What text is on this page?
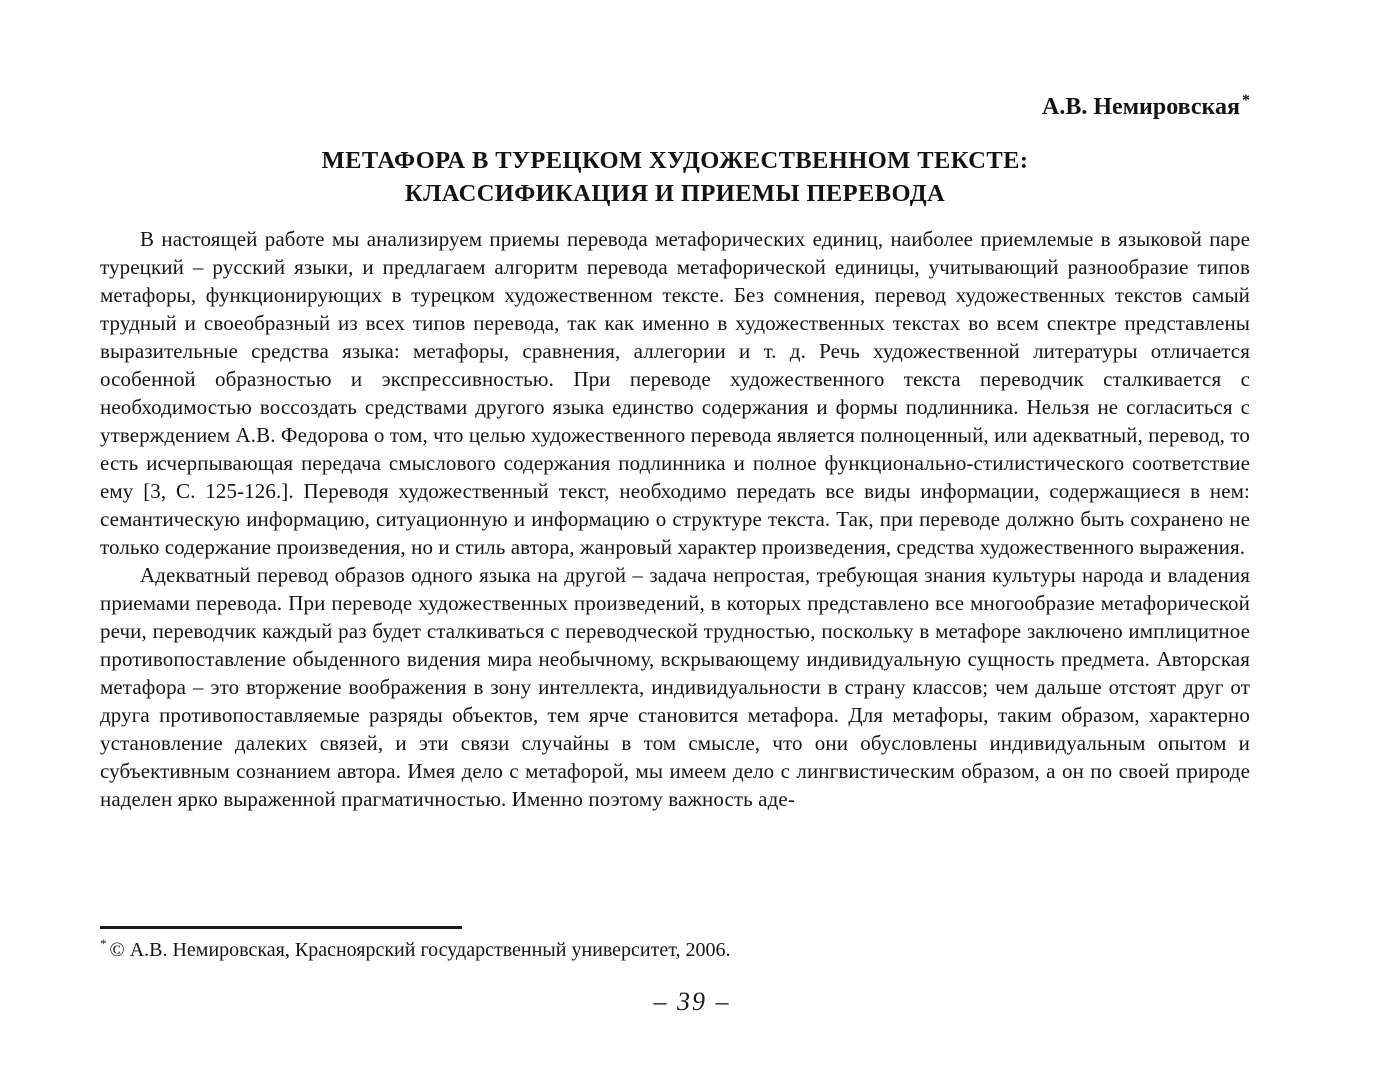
А.В. Немировская *
МЕТАФОРА В ТУРЕЦКОМ ХУДОЖЕСТВЕННОМ ТЕКСТЕ:
КЛАССИФИКАЦИЯ И ПРИЕМЫ ПЕРЕВОДА

В настоящей работе мы анализируем приемы перевода метафорических единиц, наиболее приемлемые в языковой паре турецкий – русский языки, и предлагаем алгоритм перевода метафорической единицы, учитывающий разнообразие типов метафоры, функционирующих в турецком художественном тексте. Без сомнения, перевод художественных текстов самый трудный и своеобразный из всех типов перевода, так как именно в художественных текстах во всем спектре представлены выразительные средства языка: метафоры, сравнения, аллегории и т. д. Речь художественной литературы отличается особенной образностью и экспрессивностью. При переводе художественного текста переводчик сталкивается с необходимостью воссоздать средствами другого языка единство содержания и формы подлинника. Нельзя не согласиться с утверждением А.В. Федорова о том, что целью художественного перевода является полноценный, или адекватный, перевод, то есть исчерпывающая передача смыслового содержания подлинника и полное функционально-стилистического соответствие ему [3, С. 125-126.]. Переводя художественный текст, необходимо передать все виды информации, содержащиеся в нем: семантическую информацию, ситуационную и информацию о структуре текста. Так, при переводе должно быть сохранено не только содержание произведения, но и стиль автора, жанровый характер произведения, средства художественного выражения.

Адекватный перевод образов одного языка на другой – задача непростая, требующая знания культуры народа и владения приемами перевода. При переводе художественных произведений, в которых представлено все многообразие метафорической речи, переводчик каждый раз будет сталкиваться с переводческой трудностью, поскольку в метафоре заключено имплицитное противопоставление обыденного видения мира необычному, вскрывающему индивидуальную сущность предмета. Авторская метафора – это вторжение воображения в зону интеллекта, индивидуальности в страну классов; чем дальше отстоят друг от друга противопоставляемые разряды объектов, тем ярче становится метафора. Для метафоры, таким образом, характерно установление далеких связей, и эти связи случайны в том смысле, что они обусловлены индивидуальным опытом и субъективным сознанием автора. Имея дело с метафорой, мы имеем дело с лингвистическим образом, а он по своей природе наделен ярко выраженной прагматичностью. Именно поэтому важность аде-

* © А.В. Немировская, Красноярский государственный университет, 2006.

– 39 –
